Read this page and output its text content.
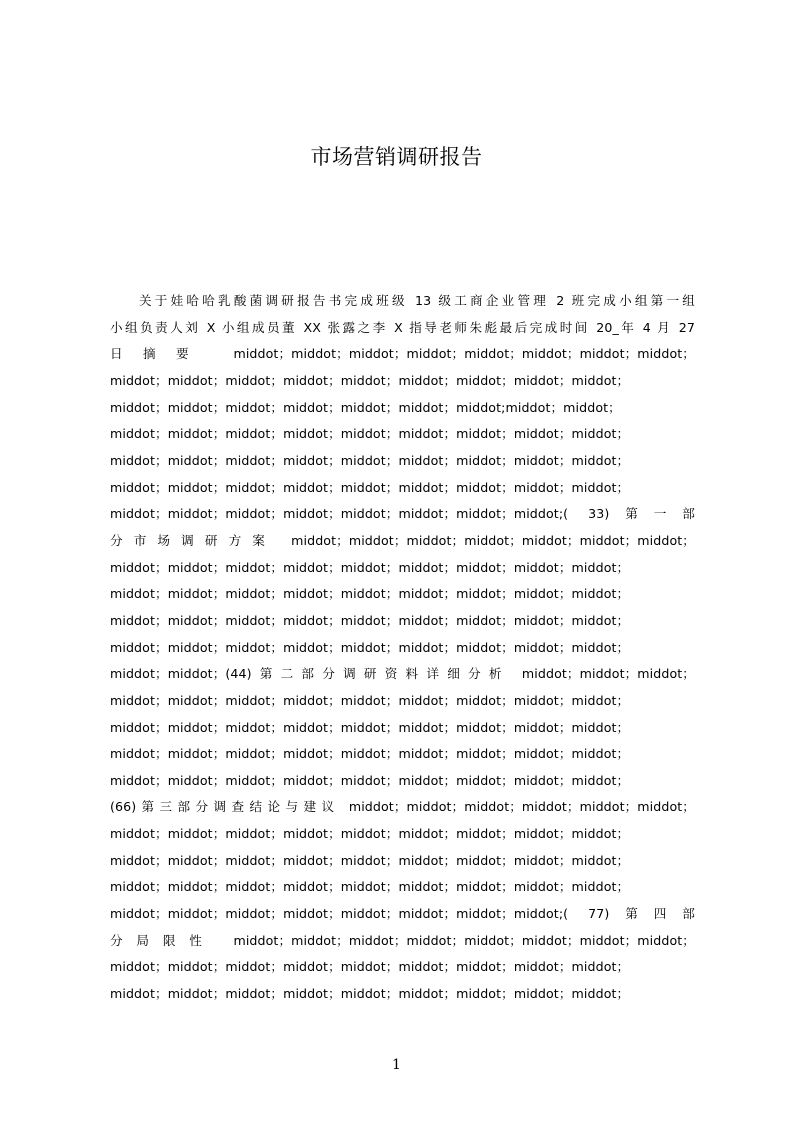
市场营销调研报告
关于娃哈哈乳酸菌调研报告书完成班级 13 级工商企业管理 2 班完成小组第一组
小组负责人刘 X 小组成员董 XX 张露之李 X 指导老师朱彪最后完成时间 20_年 4 月 27
日摘要 middot；middot；middot；middot；middot；middot；middot；middot；
middot；middot；middot；middot；middot；middot；middot；middot；middot；
middot；middot；middot；middot；middot；middot；middot;middot；middot；
middot；middot；middot；middot；middot；middot；middot；middot；middot；
middot；middot；middot；middot；middot；middot；middot；middot；middot；
middot；middot；middot；middot；middot；middot；middot；middot；middot；
middot；middot；middot；middot；middot；middot；middot；middot;( 33)第一部
分市场调研方案 middot；middot；middot；middot；middot；middot；middot；
middot；middot；middot；middot；middot；middot；middot；middot；middot；
middot；middot；middot；middot；middot；middot；middot；middot；middot；
middot；middot；middot；middot；middot；middot；middot；middot；middot；
middot；middot；middot；middot；middot；middot；middot；middot；middot；
middot；middot；(44)第二部分调研资料详细分析 middot；middot；middot；
middot；middot；middot；middot；middot；middot；middot；middot；middot；
middot；middot；middot；middot；middot；middot；middot；middot；middot；
middot；middot；middot；middot；middot；middot；middot；middot；middot；
middot；middot；middot；middot；middot；middot；middot；middot；middot；
(66)第三部分调查结论与建议 middot；middot；middot；middot；middot；middot；
middot；middot；middot；middot；middot；middot；middot；middot；middot；
middot；middot；middot；middot；middot；middot；middot；middot；middot；
middot；middot；middot；middot；middot；middot；middot；middot；middot；
middot；middot；middot；middot；middot；middot；middot；middot;( 77)第四部
分局限性 middot；middot；middot；middot；middot；middot；middot；middot；
middot；middot；middot；middot；middot；middot；middot；middot；middot；
middot；middot；middot；middot；middot；middot；middot；middot；middot；
1
